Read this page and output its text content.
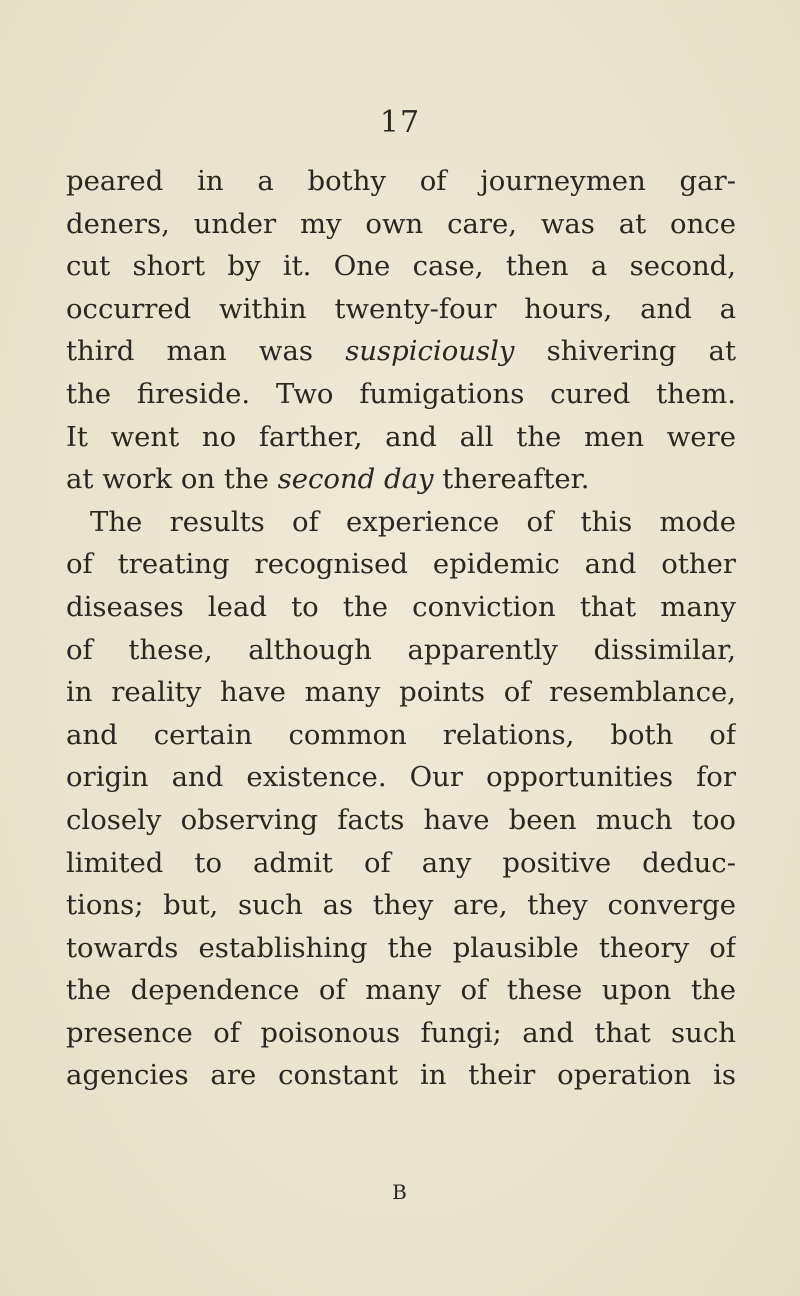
17
peared in a bothy of journeymen gar-
deners, under my own care, was at once
cut short by it. One case, then a second,
occurred within twenty-four hours, and a
third man was suspiciously shivering at
the fireside. Two fumigations cured them.
It went no farther, and all the men were
at work on the second day thereafter.
The results of experience of this mode
of treating recognised epidemic and other
diseases lead to the conviction that many
of these, although apparently dissimilar,
in reality have many points of resemblance,
and certain common relations, both of
origin and existence. Our opportunities for
closely observing facts have been much too
limited to admit of any positive deduc-
tions; but, such as they are, they converge
towards establishing the plausible theory of
the dependence of many of these upon the
presence of poisonous fungi; and that such
agencies are constant in their operation is
B
